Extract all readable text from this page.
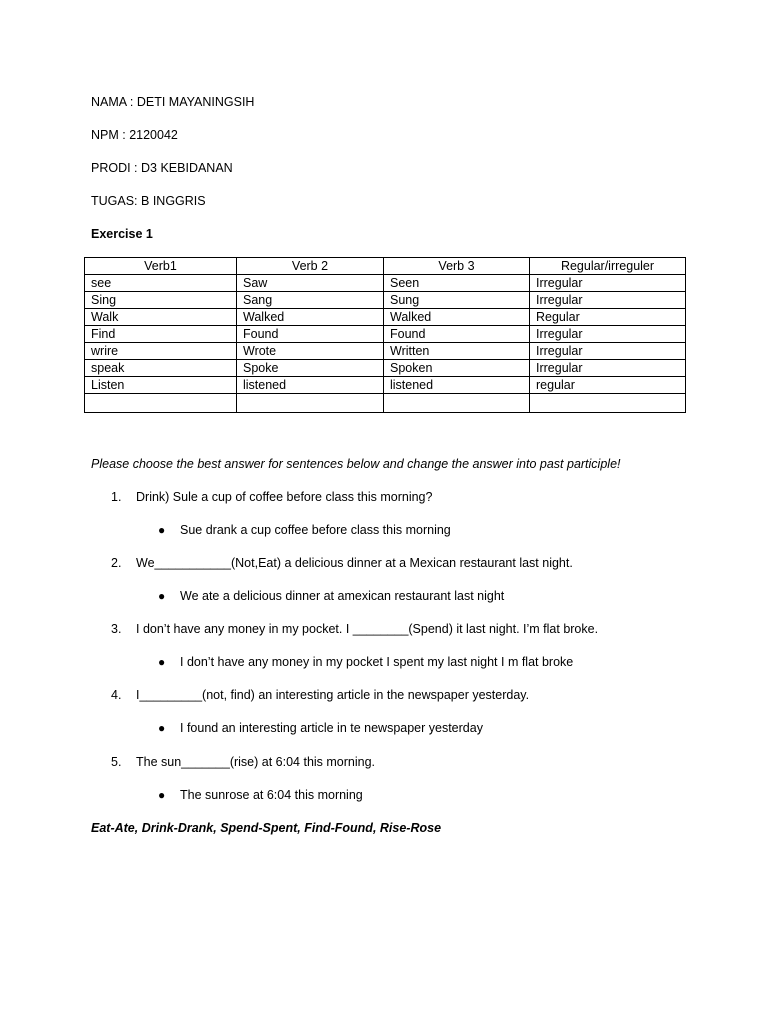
NAMA : DETI MAYANINGSIH
NPM : 2120042
PRODI : D3 KEBIDANAN
TUGAS: B INGGRIS
Exercise 1
Verb1	Verb 2	Verb 3	Regular/irreguler
see	Saw	Seen	Irregular
Sing	Sang	Sung	Irregular
Walk	Walked	Walked	Regular
Find	Found	Found	Irregular
wrire	Wrote	Written	Irregular
speak	Spoke	Spoken	Irregular
Listen	listened	listened	regular

Please choose the best answer for sentences below and change the answer into past participle!
1. Drink) Sule a cup of coffee before class this morning?
● Sue drank a cup coffee before class this morning
2. We___________(Not,Eat) a delicious dinner at a Mexican restaurant last night.
● We ate a delicious dinner at amexican restaurant last night
3. I don’t have any money in my pocket. I ________(Spend) it last night. I’m flat broke.
● I don’t have any money in my pocket I spent my last night I m flat broke
4. I_________(not, find) an interesting article in the newspaper yesterday.
● I found an interesting article in te newspaper yesterday
5. The sun_______(rise) at 6:04 this morning.
● The sunrose at 6:04 this morning
Eat-Ate, Drink-Drank, Spend-Spent, Find-Found, Rise-Rose
